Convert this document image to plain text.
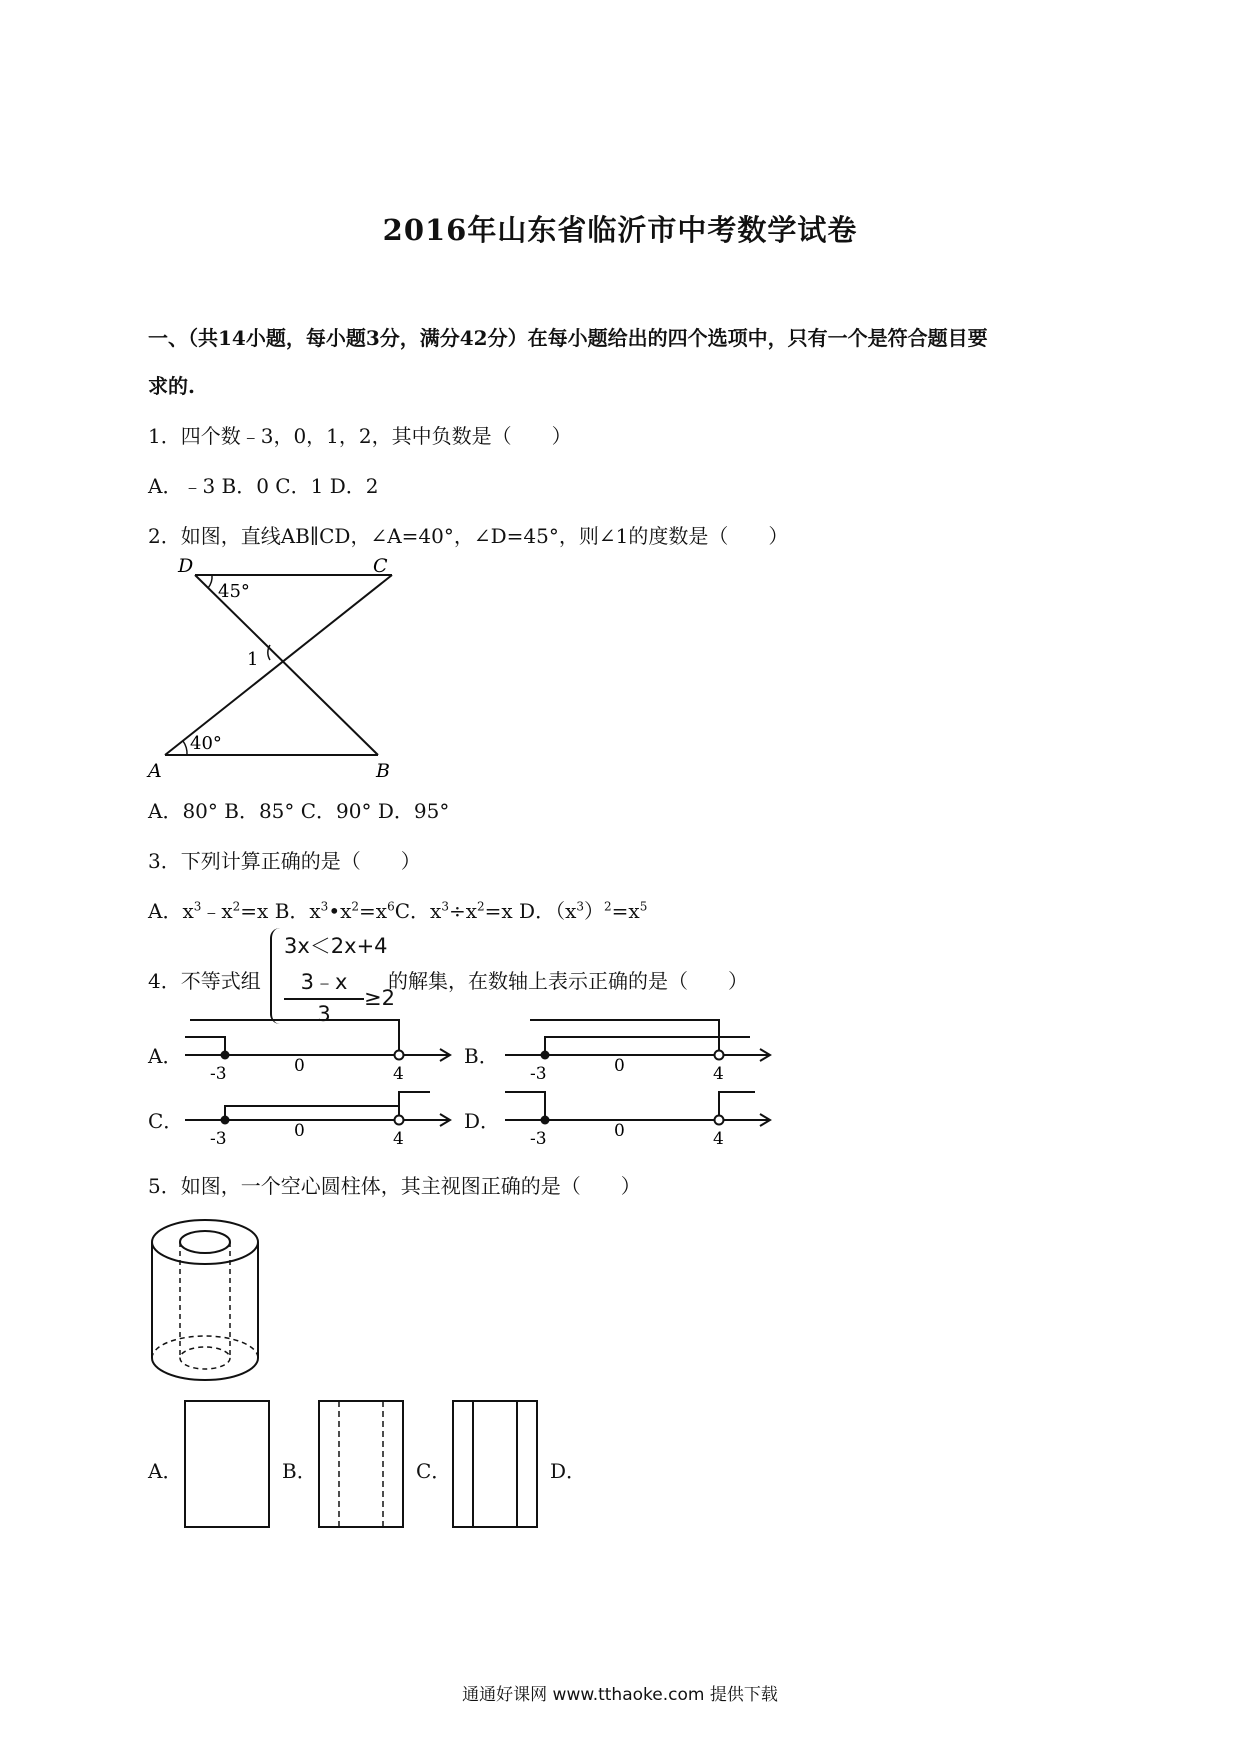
2016年山东省临沂市中考数学试卷
一、（共14小题，每小题3分，满分42分）在每小题给出的四个选项中，只有一个是符合题目要
求的.
1．四个数﹣3，0，1，2，其中负数是（　　）
A．﹣3 B．0 C．1 D．2
2．如图，直线AB∥CD，∠A=40°，∠D=45°，则∠1的度数是（　　）
D	C
A	B
45°
40°
1
A．80° B．85° C．90° D．95°
3．下列计算正确的是（　　）
A．$x^3﹣x^2=x$ B．$x^3•x^2=x^6C$．$x^3\div x^2=x$ D．$(x^3)^2=x^5$
4．不等式组
3x＜2x+4
$\frac{3﹣x}{3} \ge 2$
的解集，在数轴上表示正确的是（　　）
A．
-3	0	4
B．
-3	0	4
C．
-3	0	4
D．
-3	0	4
5．如图，一个空心圆柱体，其主视图正确的是（　　）
A．	B．	C．	D．
通通好课网 www.tthaoke.com 提供下载
